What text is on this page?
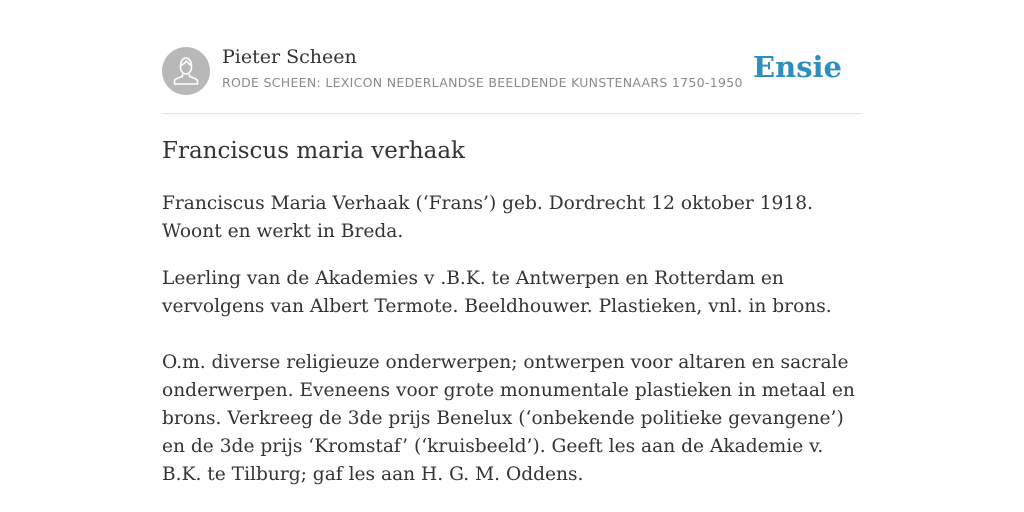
Pieter Scheen
RODE SCHEEN: LEXICON NEDERLANDSE BEELDENDE KUNSTENAARS 1750-1950 Ensie
Franciscus maria verhaak

Franciscus Maria Verhaak (‘Frans’) geb. Dordrecht 12 oktober 1918. Woont en werkt in Breda.

Leerling van de Akademies v .B.K. te Antwerpen en Rotterdam en vervolgens van Albert Termote. Beeldhouwer. Plastieken, vnl. in brons.

O.m. diverse religieuze onderwerpen; ontwerpen voor altaren en sacrale onderwerpen. Eveneens voor grote monumentale plastieken in metaal en brons. Verkreeg de 3de prijs Benelux (‘onbekende politieke gevangene’) en de 3de prijs ‘Kromstaf’ (‘kruisbeeld’). Geeft les aan de Akademie v. B.K. te Tilburg; gaf les aan H. G. M. Oddens.
